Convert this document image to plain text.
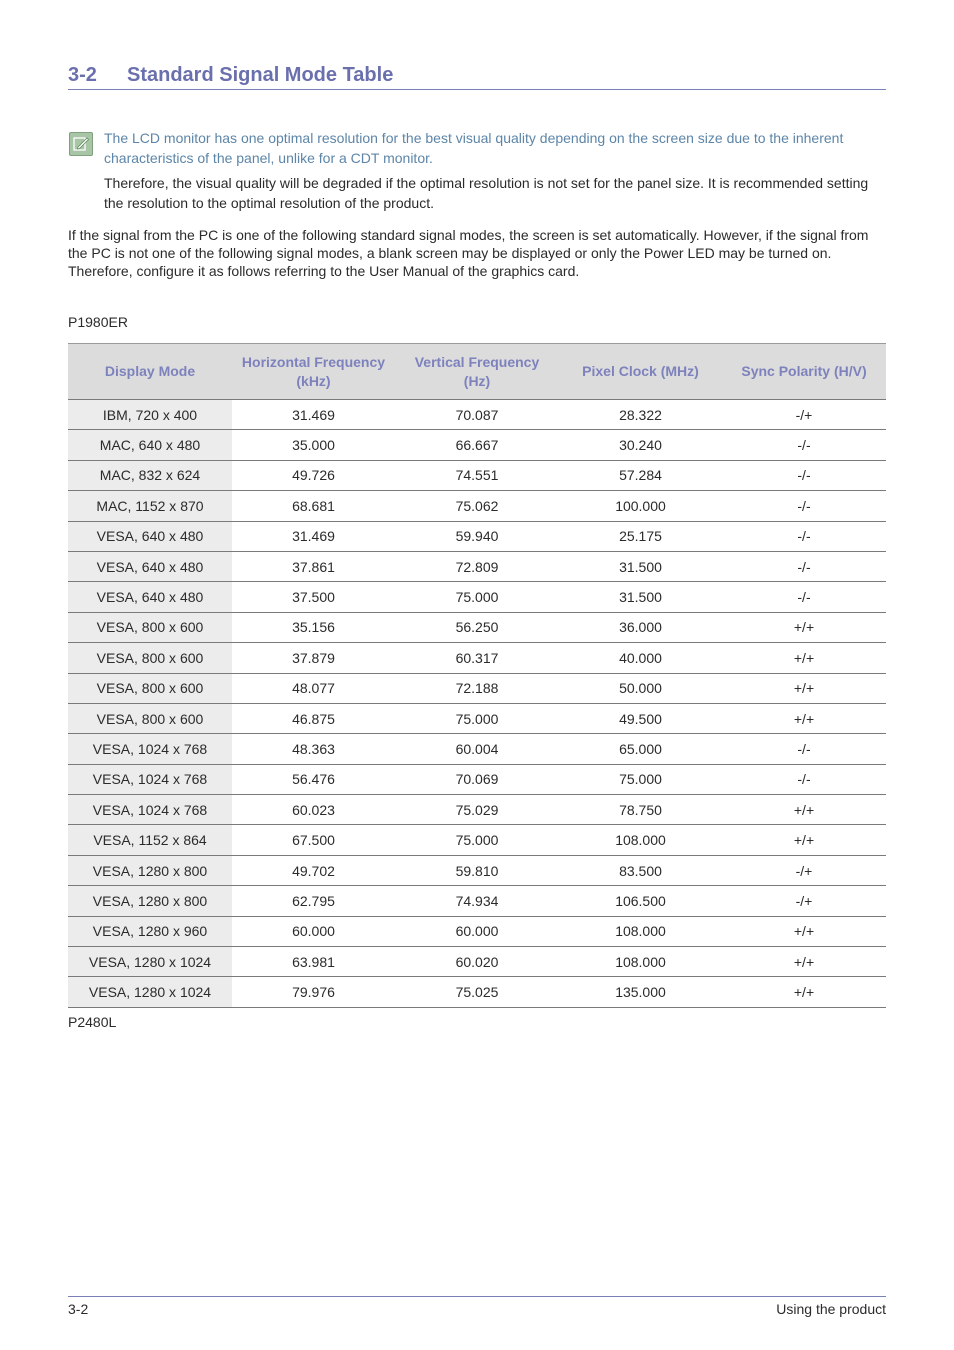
3-2 Standard Signal Mode Table
The LCD monitor has one optimal resolution for the best visual quality depending on the screen size due to the inherent characteristics of the panel, unlike for a CDT monitor.
Therefore, the visual quality will be degraded if the optimal resolution is not set for the panel size. It is recommended setting the resolution to the optimal resolution of the product.
If the signal from the PC is one of the following standard signal modes, the screen is set automatically. However, if the signal from the PC is not one of the following signal modes, a blank screen may be displayed or only the Power LED may be turned on. Therefore, configure it as follows referring to the User Manual of the graphics card.
P1980ER
Display Mode	Horizontal Frequency (kHz)	Vertical Frequency (Hz)	Pixel Clock (MHz)	Sync Polarity (H/V)
IBM, 720 x 400	31.469	70.087	28.322	-/+
MAC, 640 x 480	35.000	66.667	30.240	-/-
MAC, 832 x 624	49.726	74.551	57.284	-/-
MAC, 1152 x 870	68.681	75.062	100.000	-/-
VESA, 640 x 480	31.469	59.940	25.175	-/-
VESA, 640 x 480	37.861	72.809	31.500	-/-
VESA, 640 x 480	37.500	75.000	31.500	-/-
VESA, 800 x 600	35.156	56.250	36.000	+/+
VESA, 800 x 600	37.879	60.317	40.000	+/+
VESA, 800 x 600	48.077	72.188	50.000	+/+
VESA, 800 x 600	46.875	75.000	49.500	+/+
VESA, 1024 x 768	48.363	60.004	65.000	-/-
VESA, 1024 x 768	56.476	70.069	75.000	-/-
VESA, 1024 x 768	60.023	75.029	78.750	+/+
VESA, 1152 x 864	67.500	75.000	108.000	+/+
VESA, 1280 x 800	49.702	59.810	83.500	-/+
VESA, 1280 x 800	62.795	74.934	106.500	-/+
VESA, 1280 x 960	60.000	60.000	108.000	+/+
VESA, 1280 x 1024	63.981	60.020	108.000	+/+
VESA, 1280 x 1024	79.976	75.025	135.000	+/+
P2480L
3-2	Using the product
